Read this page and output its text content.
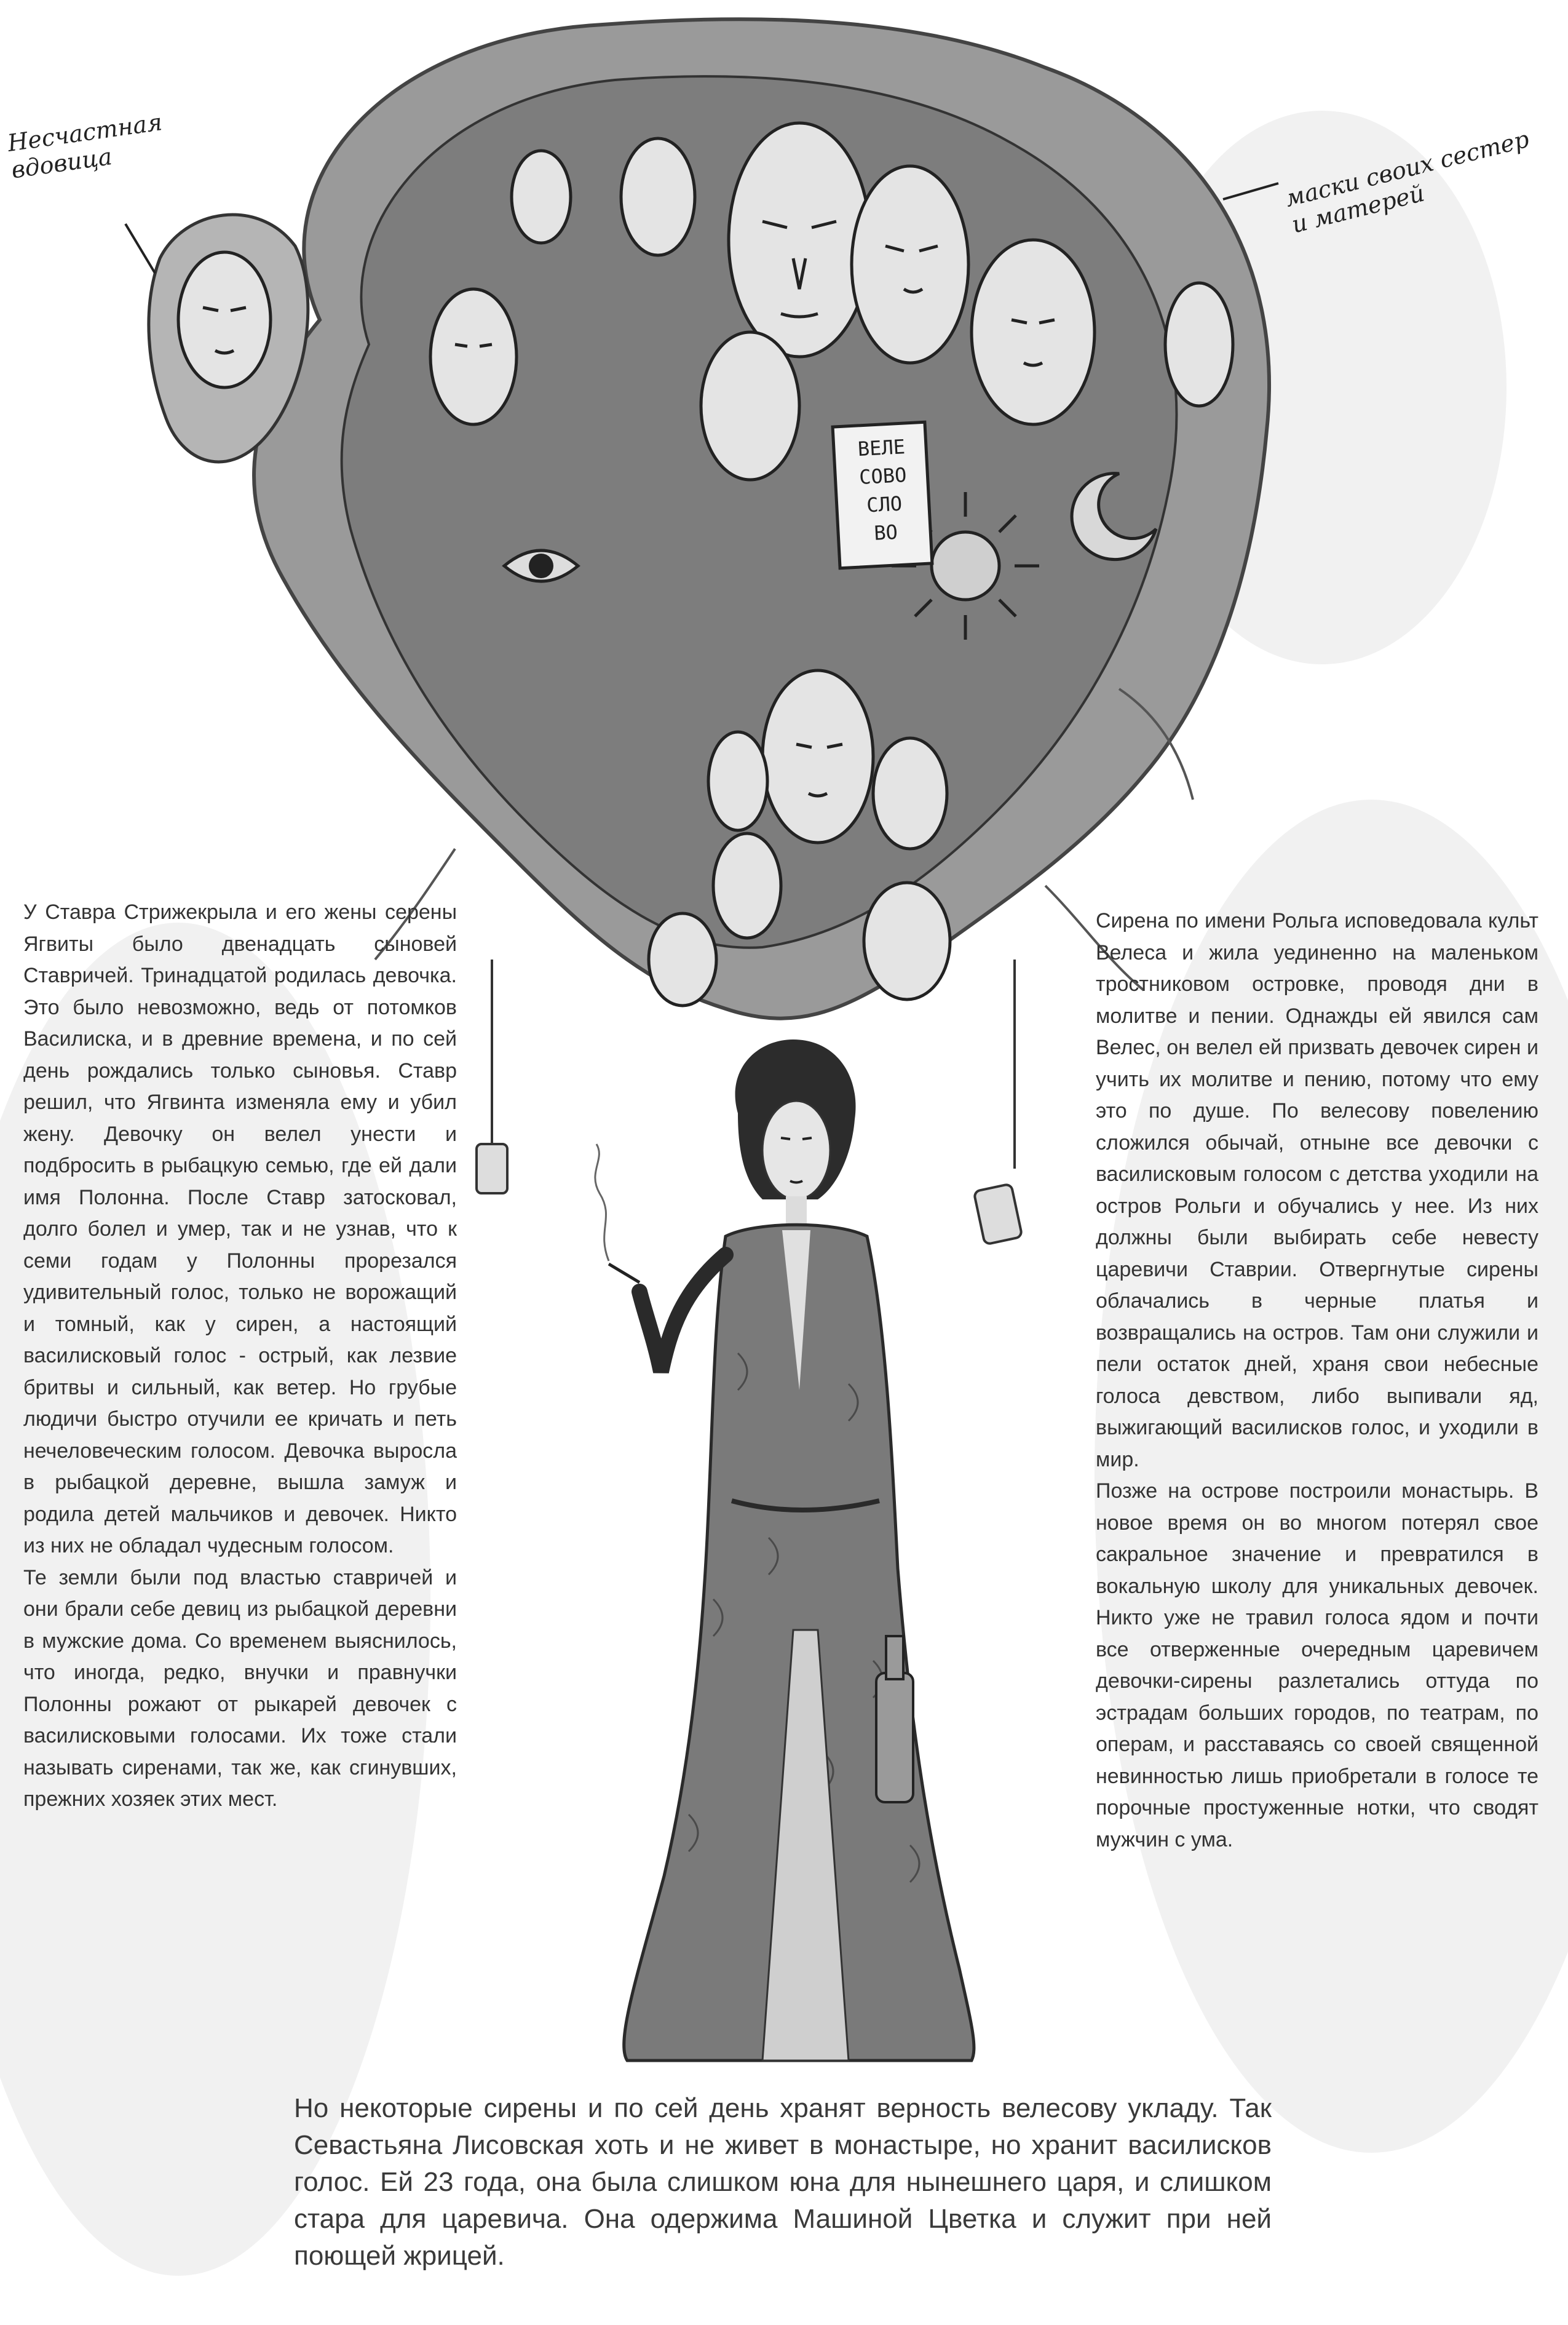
Несчастная вдовица	маски своих сестер и матерей
ВЕЛЕ
СОВО
СЛО
ВО

У Ставра Стрижекрыла и его жены серены Ягвиты было двенадцать сыновей Ставричей. Тринадцатой родилась девочка. Это было невозможно, ведь от потомков Василиска, и в древние времена, и по сей день рождались только сыновья. Ставр решил, что Ягвинта изменяла ему и убил жену. Девочку он велел унести и подбросить в рыбацкую семью, где ей дали имя Полонна. После Ставр затосковал, долго болел и умер, так и не узнав, что к семи годам у Полонны прорезался удивительный голос, только не ворожащий и томный, как у сирен, а настоящий василисковый голос - острый, как лезвие бритвы и сильный, как ветер. Но грубые людичи быстро отучили ее кричать и петь нечеловеческим голосом. Девочка выросла в рыбацкой деревне, вышла замуж и родила детей мальчиков и девочек. Никто из них не обладал чудесным голосом.

Те земли были под властью ставричей и они брали себе девиц из рыбацкой деревни в мужские дома. Со временем выяснилось, что иногда, редко, внучки и правнучки Полонны рожают от рыкарей девочек с василисковыми голосами. Их тоже стали называть сиренами, так же, как сгинувших, прежних хозяек этих мест.

Сирена по имени Рольга исповедовала культ Велеса и жила уединенно на маленьком тростниковом островке, проводя дни в молитве и пении. Однажды ей явился сам Велес, он велел ей призвать девочек сирен и учить их молитве и пению, потому что ему это по душе. По велесову повелению сложился обычай, отныне все девочки с василисковым голосом с детства уходили на остров Рольги и обучались у нее. Из них должны были выбирать себе невесту царевичи Ставрии. Отвергнутые сирены облачались в черные платья и возвращались на остров. Там они служили и пели остаток дней, храня свои небесные голоса девством, либо выпивали яд, выжигающий василисков голос, и уходили в мир.

Позже на острове построили монастырь. В новое время он во многом потерял свое сакральное значение и превратился в вокальную школу для уникальных девочек. Никто уже не травил голоса ядом и почти все отверженные очередным царевичем девочки-сирены разлетались оттуда по эстрадам больших городов, по театрам, по операм, и расставаясь со своей священной невинностью лишь приобретали в голосе те порочные простуженные нотки, что сводят мужчин с ума.

Но некоторые сирены и по сей день хранят верность велесову укладу. Так Севастьяна Лисовская хоть и не живет в монастыре, но хранит василисков голос. Ей 23 года, она была слишком юна для нынешнего царя, и слишком стара для царевича. Она одержима Машиной Цветка и служит при ней поющей жрицей.
